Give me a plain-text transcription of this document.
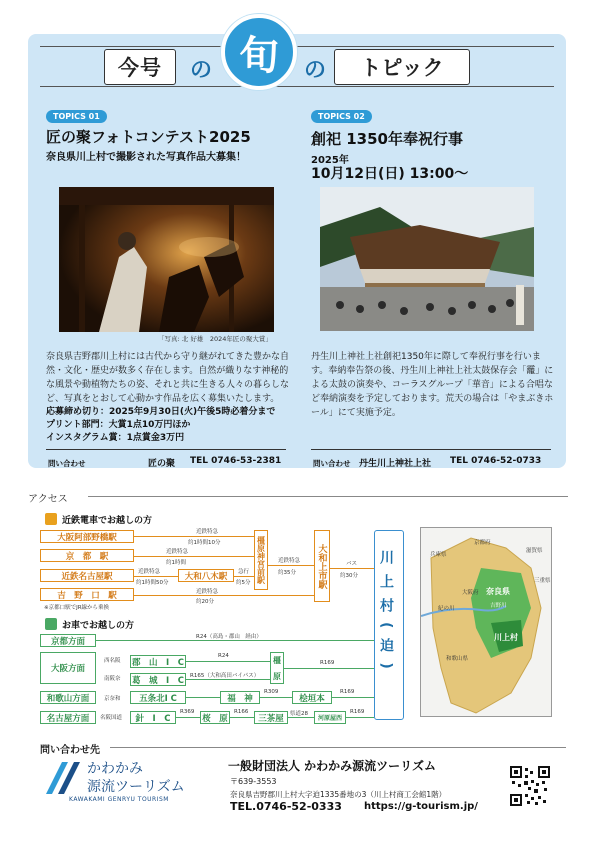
今号	の 旬	の	トピック
TOPICS 01
匠の聚フォトコンテスト2025
奈良県川上村で撮影された写真作品大募集！
「写真: 北 好雄　2024年匠の聚大賞」
奈良県吉野郡川上村には古代から守り継がれてきた豊かな自然・文化・歴史が数多く存在します。自然が織りなす神秘的な風景や動植物たちの姿、それと共に生きる人々の暮らしなど、写真をとおして心動かす作品を広く募集いたします。
応募締め切り：2025年9月30日(火)午後5時必着分まで
プリント部門：大賞1点10万円ほか
インスタグラム賞：1点賞金3万円
問い合わせ	匠の聚 TEL 0746-53-2381
TOPICS 02
創祀 1350年奉祝行事
2025年
10月12日(日) 13:00〜
丹生川上神社上社創祀1350年に際して奉祝行事を行います。奉納奉告祭の後、丹生川上神社上社太鼓保存会「龗」による太鼓の演奏や、コーラスグループ「華音」による合唱など奉納演奏を予定しております。荒天の場合は「やまぶきホール」にて実施予定。
問い合わせ 丹生川上神社上社 TEL 0746-52-0733
アクセス
近鉄電車でお越しの方
大阪阿部野橋駅
京　都　駅
近鉄名古屋駅
吉　野　口　駅
※京都口駅でJR線から乗換
近鉄特急
約1時間10分
近鉄特急
約1時間
近鉄特急
約1時間50分
大和八木駅	急行
約5分
近鉄特急
約20分
橿原神宮前駅	近鉄特急
約35分 大和上市駅	バス
約30分 川上村(迫)
お車でお越しの方
京都方面
大阪方面
和歌山方面
名古屋方面
R24（高島・郡山　経由）
西名阪 郡　山　I　C
南阪奈 葛　城　I　C
R24
R165（大和高田バイパス）	橿　原	R169
京奈和	五条北I C	福　神
R309
桧垣本
R169
名阪国道	針　I　C
R369
桜　原
R166
三茶屋	県道28
河原屋西
R169
京都府
滋賀県
兵庫県
三重県
大阪府 奈良県
吉野川
紀の川
川上村
和歌山県
問い合わせ先
かわかみ
源流ツーリズム
KAWAKAMI GENRYU TOURISM
一般財団法人 かわかみ源流ツーリズム
〒639-3553
奈良県吉野郡川上村大字迫1335番地の3（川上村商工会館1階）
TEL.0746-52-0333 https://g-tourism.jp/
